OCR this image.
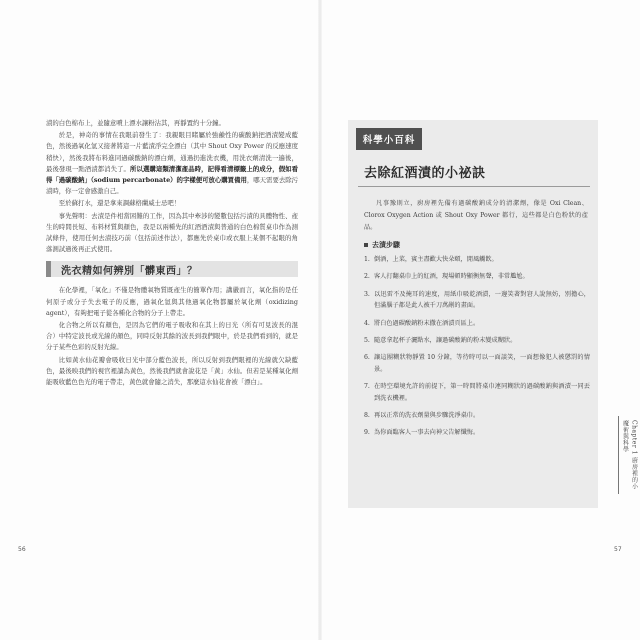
漬的白色棉布上，並隨意噴上漂水讓粉沾其，再靜置約十分鐘。
於是，神奇的事情在我眼前發生了：我親眼目睹屬於強鹼性的碳酸鈉把酒漬變成藍色，然後過氧化氫又接著將這一片藍漬淨完全漂白（其中 Shout Oxy Power 的反應速度稍快），然後我將布料進同過碳酸鈉的漂白劑，通過扔進洗衣機，用洗衣劑清洗一遍後，最後發現一點酒漬都消失了。所以選購這類清潔產品時，記得看清標籤上的成分，假如看得「過碳酸鈉」（sodium percarbonate）的字樣便可放心購買備用，哪天需要去除污漬時，你一定會感激自己。
至於蘇打水，還是拿來調蘇格蘭威士忌吧！
事先聲明：去漬是件相當困難的工作，因為其中牽涉的變數包括污漬的具體物性、產生的時間長短、布料材質與顏色，我是以兩種先的紅酒酒漬與普通的白色棉質桌巾作為測試條件，使用任何去漬技巧前（包括前述作法），都應先於桌巾或衣服上某個不起眼的角落測試過後再正式使用。
洗衣精如何辨別「髒東西」？
在化學裡，「氧化」不僅是物體氧物質既產生的簡單作用；講嚴而言，氧化指的是任何原子或分子失去電子的反應，過氧化氫與其他過氧化物都屬於氧化劑（oxidizing agent），有夠把電子從各種化合物的分子上帶走。
化合物之所以有顏色，是因為它們的電子吸收和在其上的日光（所有可見波長的混合）中特定波長或光線的顏色，同時反射其餘的波長到我們眼中，於是我們看到的，就是分子某些色彩的反射光線。
比如黃水仙花瓣會吸收日光中部分藍色波長，所以反射到我們眼裡的光線就欠缺藍色，最後映我們的視官裡讀為黃色，然後我們就會說花是「黃」水仙。但若是某種氧化劑能吸收藍色色光的電子帶走，黃色就會隨之消失，那麼這水仙花會被「漂白」。
56
科學小百科
去除紅酒漬的小祕訣
凡事豫則立，廚房裡先備有過碳酸鈉成分的清潔劑，像是 Oxi Clean、Clorox Oxygen Action 或 Shout Oxy Power 都行，這些都是白色粉狀的產品。
去漬步驟
1. 倒酒，上菜，賓主盡歡大快朵頤，閒風觸飲。
2. 客人打翻桌巾上的紅酒，現場頓時顯衡無聲，非常尷尬。
3. 以迅雷不及掩耳的速度，用紙巾吸乾酒漬，一邊笑著對窘人說無妨，別擔心，但滿腦子都是此人被千刀萬剮的畫面。
4. 將白色過碳酸鈉粉末撒在酒漬頁區上。
5. 隨意拿起杯子灑點水，讓過碳酸鈉的粉末變成糊狀。
6. 讓這團糊狀物靜置 10 分鐘，等待時可以一面談笑，一面想像犯人被懲罰的情景。
7. 在時空環境允許的前提下，第一時間將桌巾連同糊狀的過碳酸鈉與酒漬一同丟到洗衣機裡。
8. 再以正常的洗衣劑量與步驟洗淨桌巾。
9. 為你面臨客人一事去向神父告解懺悔。	Chapter 1 廚房裡的小魔術與科學
57
